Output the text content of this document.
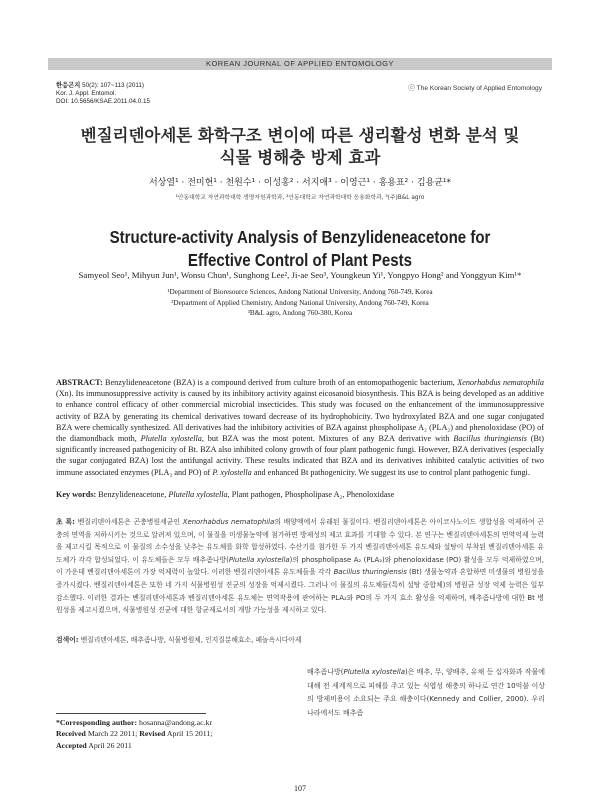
KOREAN JOURNAL OF APPLIED ENTOMOLOGY
한응곤지 50(2): 107~113 (2011)
Kor. J. Appl. Entomol.
DOI: 10.5656/KSAE.2011.04.0.15
ⓒ The Korean Society of Applied Entomology
벤질리덴아세톤 화학구조 변이에 따른 생리활성 변화 분석 및
식물 병해충 방제 효과
서상열¹ · 전미현¹ · 천원수¹ · 이성홍² · 서지애³ · 이영근¹ · 홍용표² · 김용균¹*
¹안동대학교 자연과학대학 생명자원과학과, ²안동대학교 자연과학대학 응용화학과, ³(주)B&L agro
Structure-activity Analysis of Benzylideneacetone for
Effective Control of Plant Pests
Samyeol Seo¹, Mihyun Jun¹, Wonsu Chun¹, Sunghong Lee², Ji-ae Seo³, Youngkeun Yi¹, Yongpyo Hong² and Yonggyun Kim¹*
¹Department of Bioresource Sciences, Andong National University, Andong 760-749, Korea
²Department of Applied Chemistry, Andong National University, Andong 760-749, Korea
³B&L agro, Andong 760-380, Korea
ABSTRACT: Benzylideneacetone (BZA) is a compound derived from culture broth of an entomopathogenic bacterium, Xenorhabdus nematophila (Xn). Its immunosuppressive activity is caused by its inhibitory activity against eicosanoid biosynthesis. This BZA is being developed as an additive to enhance control efficacy of other commercial microbial insecticides. This study was focused on the enhancement of the immunosuppressive activity of BZA by generating its chemical derivatives toward decrease of its hydrophobicity. Two hydroxylated BZA and one sugar conjugated BZA were chemically synthesized. All derivatives had the inhibitory activities of BZA against phospholipase A₂ (PLA₂) and phenoloxidase (PO) of the diamondback moth, Plutella xylostella, but BZA was the most potent. Mixtures of any BZA derivative with Bacillus thuringiensis (Bt) significantly increased pathogenicity of Bt. BZA also inhibited colony growth of four plant pathogenic fungi. However, BZA derivatives (especially the sugar conjugated BZA) lost the antifungal activity. These results indicated that BZA and its derivatives inhibited catalytic activities of two immune associated enzymes (PLA₂ and PO) of P. xylostella and enhanced Bt pathogenicity. We suggest its use to control plant pathogenic fungi.
Key words: Benzylideneacetone, Plutella xylostella, Plant pathogen, Phospholipase A₂, Phenoloxidase
초 록: 벤질리덴아세톤은 곤충병원세균인 Xenorhabdus nematophila의 배양액에서 유래된 물질이다. 벤질리덴아세톤은 아이코사노이드 생합성을 억제하여 곤충의 면역을 저하시키는 것으로 알려져 있으며, 이 물질을 미생물농약에 첨가하면 방제성의 제고 효과를 기대할 수 있다. 본 연구는 벤질리덴아세톤의 면역억제 능력을 제고시킬 목적으로 이 물질의 소수성을 낮추는 유도체를 화학 합성하였다. 수산기를 첨가한 두 가지 벤질리덴아세톤 유도체와 설탕이 부착된 벤질리덴아세톤 유도체가 각각 합성되었다. 이 유도체들은 모두 배추좀나방(Plutella xylostella)의 phospholipase A₂ (PLA₂)와 phenoloxidase (PO) 활성을 모두 억제하였으며, 이 가운데 벤질리덴아세톤이 가장 억제력이 높았다. 이러한 벤질리덴아세톤 유도체들을 각각 Bacillus thuringiensis (Bt) 생물농약과 혼합하면 미생물의 병원성을 증가시켰다. 벤질리덴아세톤은 또한 네 가지 식물병원성 진균의 성장을 억제시켰다. 그러나 이 물질의 유도체들(특히 설탕 중합체)의 병원균 성장 억제 능력은 일부 감소했다. 이러한 결과는 벤질리덴아세톤과 벤질리덴아세톤 유도체는 면역작용에 관여하는 PLA₂와 PO의 두 가지 효소 활성을 억제하며, 배추좀나방에 대한 Bt 병원성을 제고시켰으며, 식물병원성 진균에 대한 항균제로서의 개발 가능성을 제시하고 있다.
검색어: 벤질리덴아세톤, 배추좀나방, 식물병원체, 인지질분해효소, 페놀옥시다아제
*Corresponding author: hosanna@andong.ac.kr
Received March 22 2011; Revised April 15 2011;
Accepted April 26 2011
배추좀나방(Plutella xylostella)은 배추, 무, 양배추, 유채 등 십자화과 작물에 대해 전 세계적으로 피해를 주고 있는 식엽성 해충의 하나로 연간 10억불 이상의 방제비용이 소요되는 주요 해충이다(Kennedy and Collier, 2000). 우리나라에서도 배추좀
107
